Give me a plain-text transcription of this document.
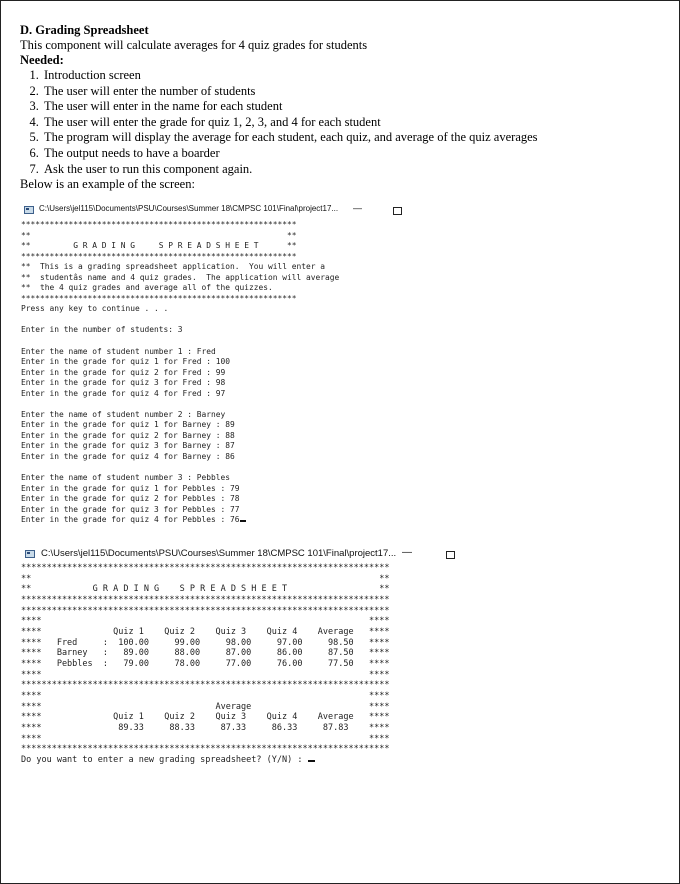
D. Grading Spreadsheet

This component will calculate averages for 4 quiz grades for students

Needed:

1. Introduction screen
2. The user will enter the number of students
3. The user will enter in the name for each student
4. The user will enter the grade for quiz 1, 2, 3, and 4 for each student
5. The program will display the average for each student, each quiz, and average of the quiz averages
6. The output needs to have a boarder
7. Ask the user to run this component again.

Below is an example of the screen:

C:\Users\jel115\Documents\PSU\Courses\Summer 18\CMPSC 101\Final\project17... —
**********************************************************
**                                                      **
**         G R A D I N G     S P R E A D S H E E T      **
**********************************************************
**  This is a grading spreadsheet application.  You will enter a
**  studentâs name and 4 quiz grades.  The application will average
**  the 4 quiz grades and average all of the quizzes.
**********************************************************
Press any key to continue . . .

Enter in the number of students: 3

Enter the name of student number 1 : Fred
Enter in the grade for quiz 1 for Fred : 100
Enter in the grade for quiz 2 for Fred : 99
Enter in the grade for quiz 3 for Fred : 98
Enter in the grade for quiz 4 for Fred : 97

Enter the name of student number 2 : Barney
Enter in the grade for quiz 1 for Barney : 89
Enter in the grade for quiz 2 for Barney : 88
Enter in the grade for quiz 3 for Barney : 87
Enter in the grade for quiz 4 for Barney : 86

Enter the name of student number 3 : Pebbles
Enter in the grade for quiz 1 for Pebbles : 79
Enter in the grade for quiz 2 for Pebbles : 78
Enter in the grade for quiz 3 for Pebbles : 77
Enter in the grade for quiz 4 for Pebbles : 76
C:\Users\jel115\Documents\PSU\Courses\Summer 18\CMPSC 101\Final\project17... —
************************************************************************
**                                                                    **
**            G R A D I N G    S P R E A D S H E E T                  **
************************************************************************
************************************************************************
****                                                                ****
****              Quiz 1    Quiz 2    Quiz 3    Quiz 4    Average   ****
****   Fred     :  100.00     99.00     98.00     97.00     98.50   ****
****   Barney   :   89.00     88.00     87.00     86.00     87.50   ****
****   Pebbles  :   79.00     78.00     77.00     76.00     77.50   ****
****                                                                ****
************************************************************************
****                                                                ****
****                                  Average                       ****
****              Quiz 1    Quiz 2    Quiz 3    Quiz 4    Average   ****
****               89.33     88.33     87.33     86.33     87.83    ****
****                                                                ****
************************************************************************
Do you want to enter a new grading spreadsheet? (Y/N) :
